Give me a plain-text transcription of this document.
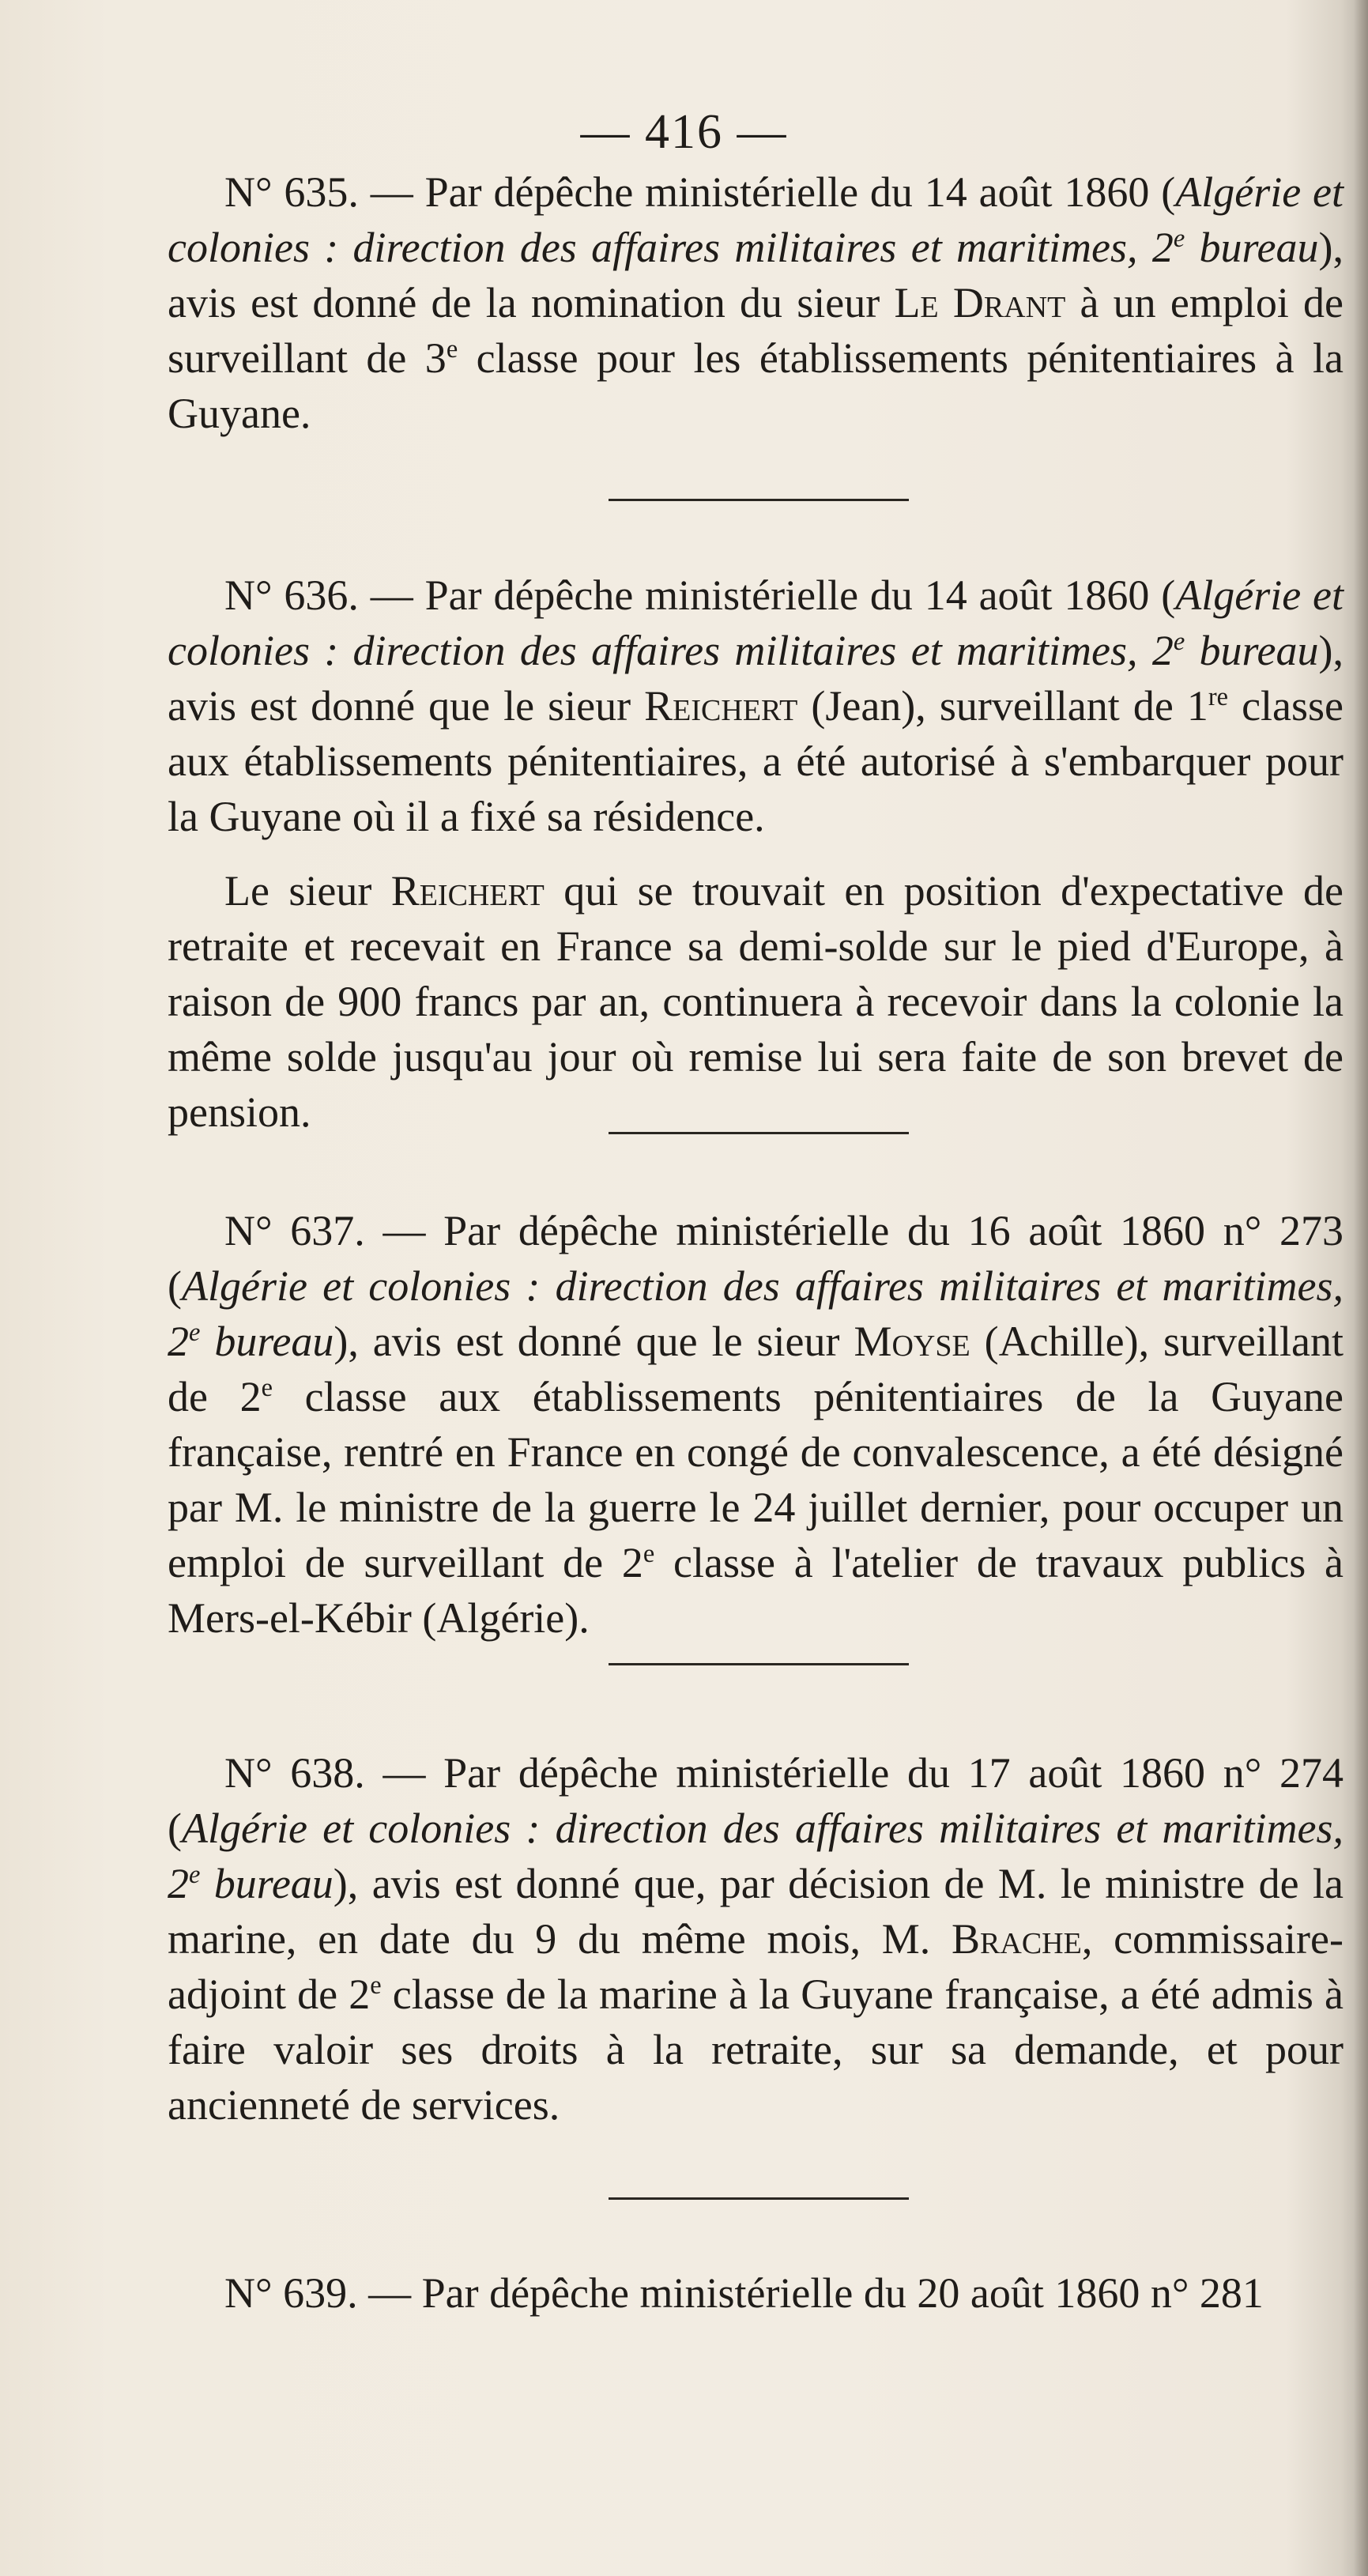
— 416 —

N° 635. — Par dépêche ministérielle du 14 août 1860 (Algérie et colonies : direction des affaires militaires et maritimes, 2e bureau), avis est donné de la nomination du sieur Le Drant à un emploi de surveillant de 3e classe pour les établissements pénitentiaires à la Guyane.

N° 636. — Par dépêche ministérielle du 14 août 1860 (Algérie et colonies : direction des affaires militaires et maritimes, 2e bureau), avis est donné que le sieur Reichert (Jean), surveillant de 1re classe aux établissements pénitentiaires, a été autorisé à s'embarquer pour la Guyane où il a fixé sa résidence.

Le sieur Reichert qui se trouvait en position d'expectative de retraite et recevait en France sa demi-solde sur le pied d'Europe, à raison de 900 francs par an, continuera à recevoir dans la colonie la même solde jusqu'au jour où remise lui sera faite de son brevet de pension.

N° 637. — Par dépêche ministérielle du 16 août 1860 n° 273 (Algérie et colonies : direction des affaires militaires et maritimes, 2e bureau), avis est donné que le sieur Moyse (Achille), surveillant de 2e classe aux établissements pénitentiaires de la Guyane française, rentré en France en congé de convalescence, a été désigné par M. le ministre de la guerre le 24 juillet dernier, pour occuper un emploi de surveillant de 2e classe à l'atelier de travaux publics à Mers-el-Kébir (Algérie).

N° 638. — Par dépêche ministérielle du 17 août 1860 n° 274 (Algérie et colonies : direction des affaires militaires et maritimes, 2e bureau), avis est donné que, par décision de M. le ministre de la marine, en date du 9 du même mois, M. Brache, commissaire-adjoint de 2e classe de la marine à la Guyane française, a été admis à faire valoir ses droits à la retraite, sur sa demande, et pour ancienneté de services.

N° 639. — Par dépêche ministérielle du 20 août 1860 n° 281
